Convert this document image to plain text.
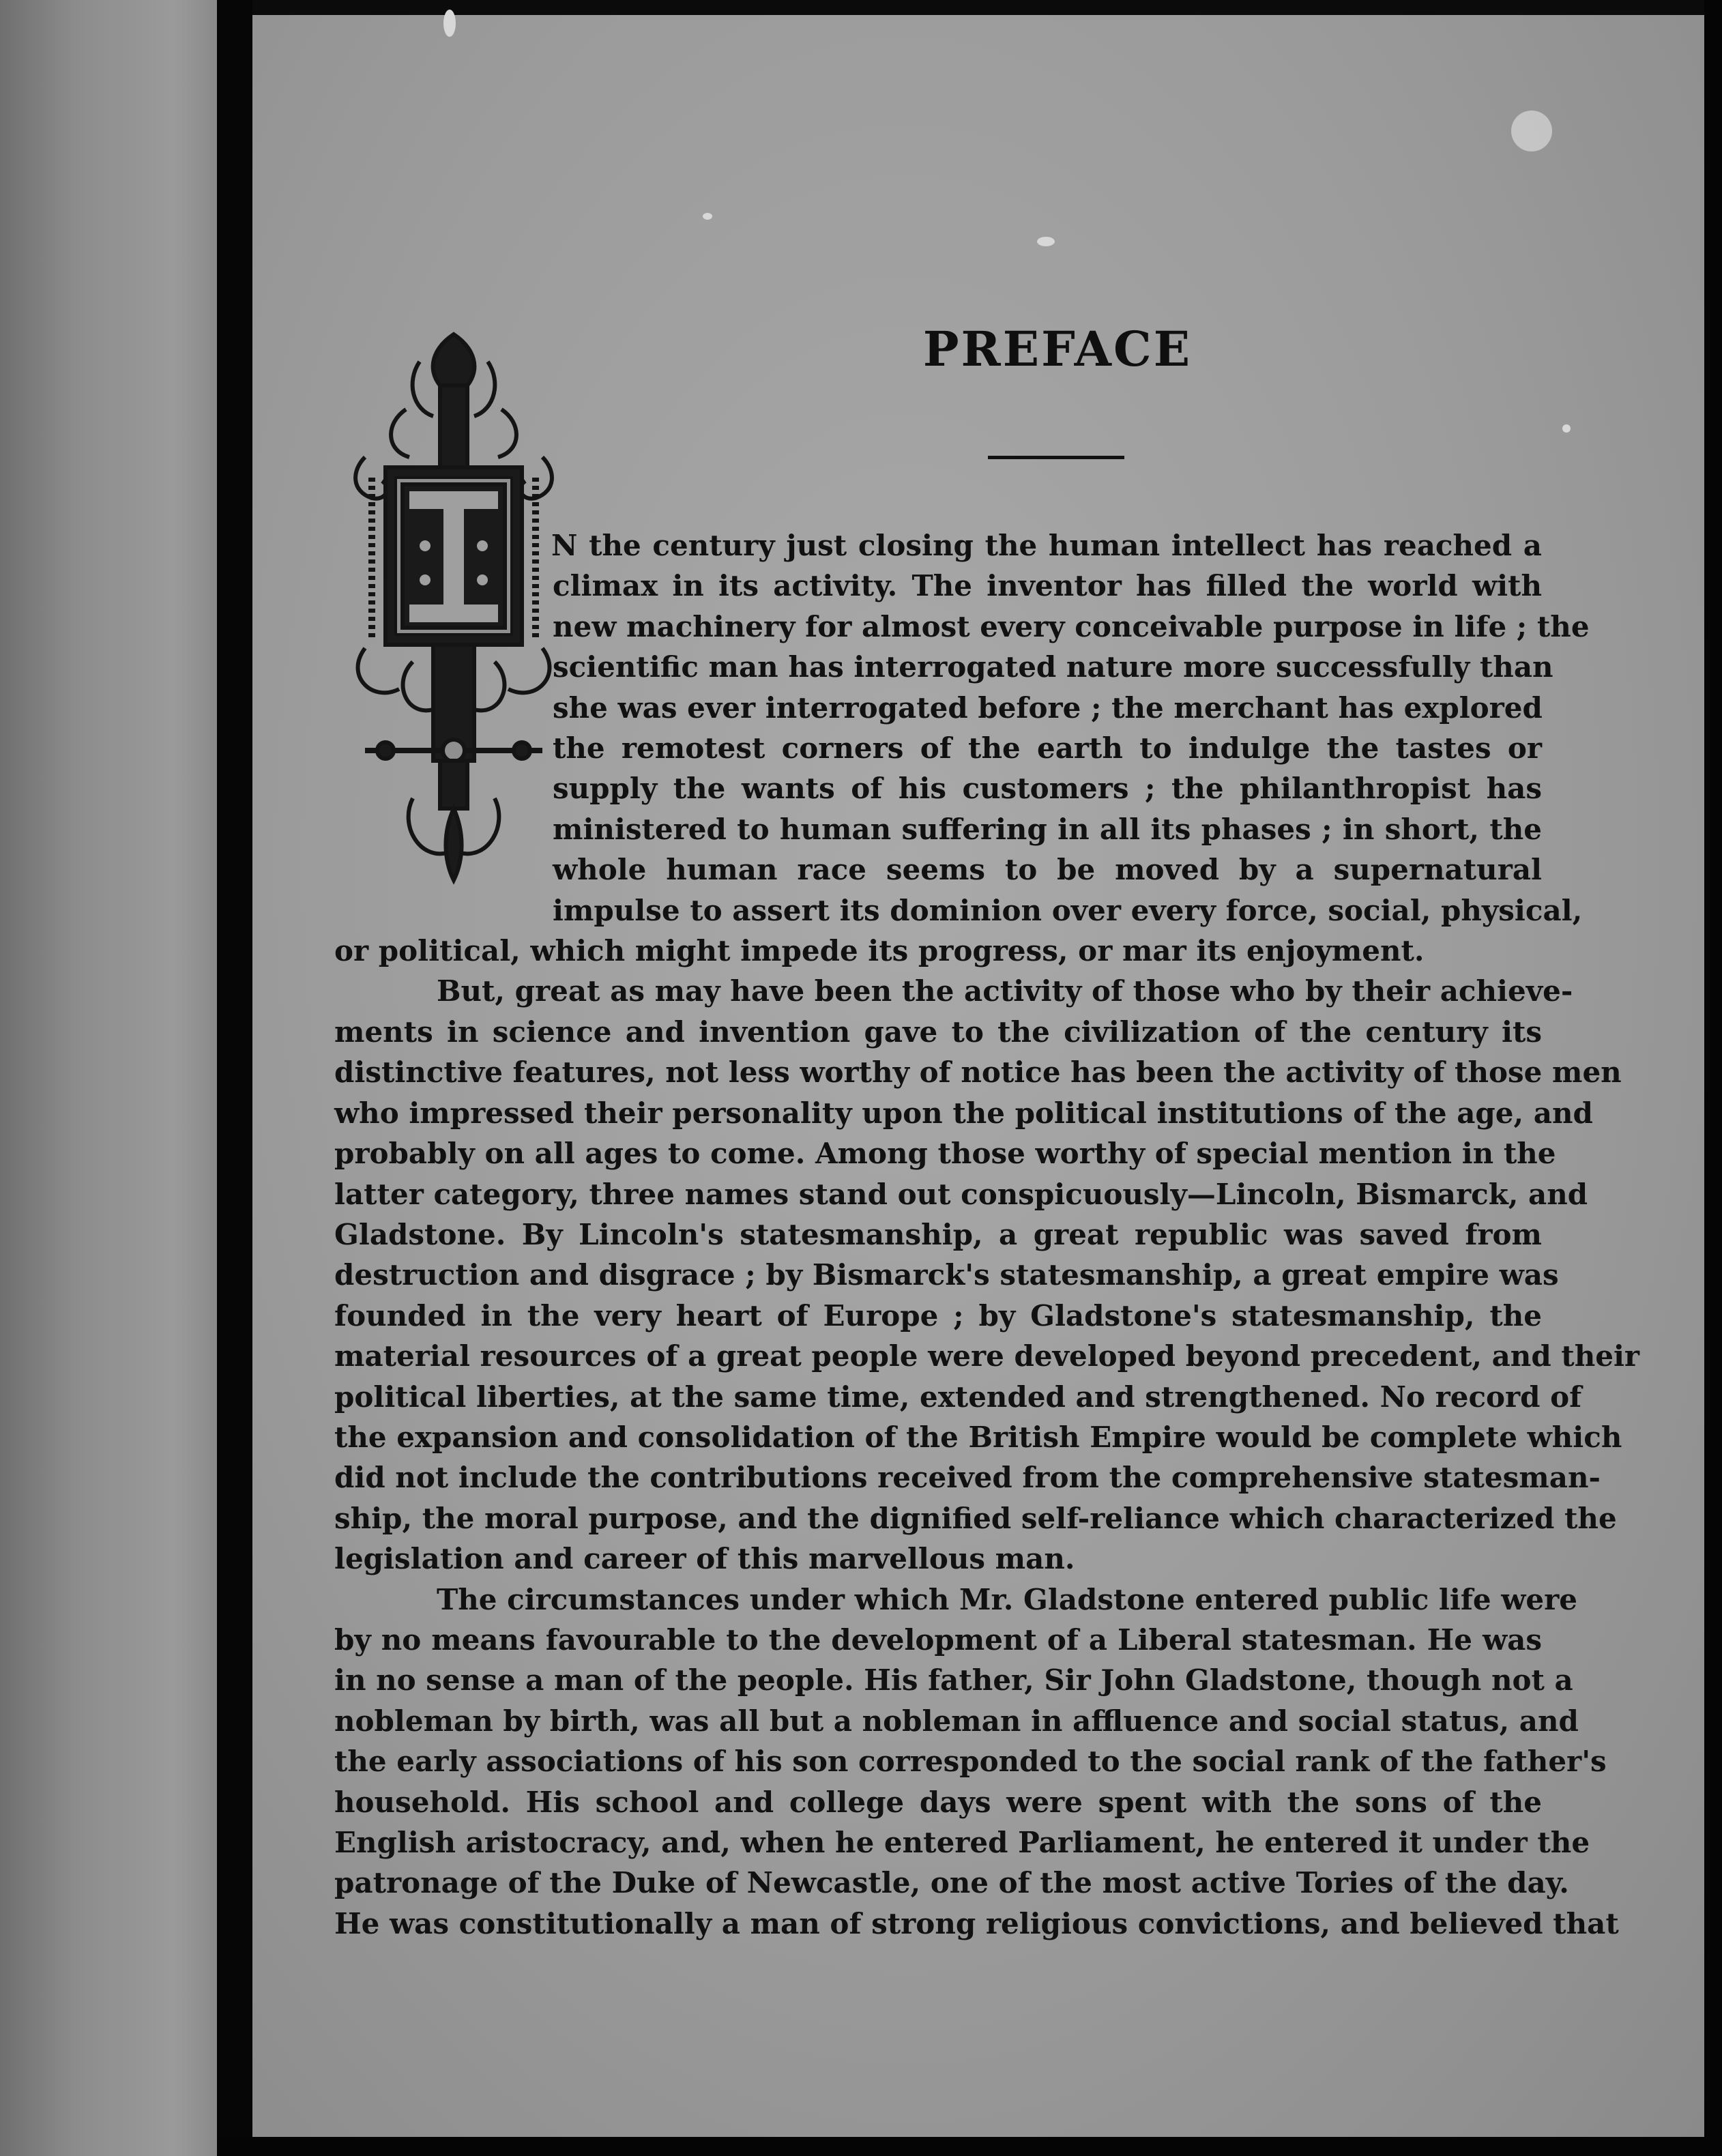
PREFACE
N the century just closing the human intellect has reached a
climax in its activity. The inventor has filled the world with
new machinery for almost every conceivable purpose in life ; the
scientific man has interrogated nature more successfully than
she was ever interrogated before ; the merchant has explored
the remotest corners of the earth to indulge the tastes or
supply the wants of his customers ; the philanthropist has
ministered to human suffering in all its phases ; in short, the
whole human race seems to be moved by a supernatural
impulse to assert its dominion over every force, social, physical,
or political, which might impede its progress, or mar its enjoyment.
But, great as may have been the activity of those who by their achieve-
ments in science and invention gave to the civilization of the century its
distinctive features, not less worthy of notice has been the activity of those men
who impressed their personality upon the political institutions of the age, and
probably on all ages to come. Among those worthy of special mention in the
latter category, three names stand out conspicuously—Lincoln, Bismarck, and
Gladstone. By Lincoln's statesmanship, a great republic was saved from
destruction and disgrace ; by Bismarck's statesmanship, a great empire was
founded in the very heart of Europe ; by Gladstone's statesmanship, the
material resources of a great people were developed beyond precedent, and their
political liberties, at the same time, extended and strengthened. No record of
the expansion and consolidation of the British Empire would be complete which
did not include the contributions received from the comprehensive statesman-
ship, the moral purpose, and the dignified self-reliance which characterized the
legislation and career of this marvellous man.
The circumstances under which Mr. Gladstone entered public life were
by no means favourable to the development of a Liberal statesman. He was
in no sense a man of the people. His father, Sir John Gladstone, though not a
nobleman by birth, was all but a nobleman in affluence and social status, and
the early associations of his son corresponded to the social rank of the father's
household. His school and college days were spent with the sons of the
English aristocracy, and, when he entered Parliament, he entered it under the
patronage of the Duke of Newcastle, one of the most active Tories of the day.
He was constitutionally a man of strong religious convictions, and believed that
